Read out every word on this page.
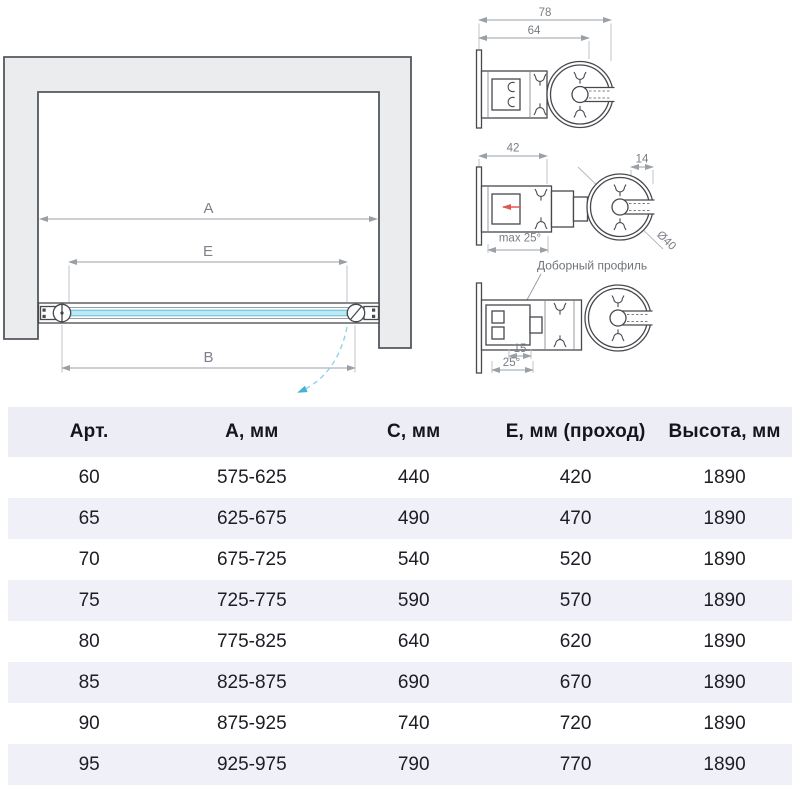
A
E
B
78
64
42
14
Ø40
max 25°
Доборный профиль
15
25°
Арт.	А, мм	С, мм	Е, мм (проход)	Высота, мм
60	575-625	440	420	1890
65	625-675	490	470	1890
70	675-725	540	520	1890
75	725-775	590	570	1890
80	775-825	640	620	1890
85	825-875	690	670	1890
90	875-925	740	720	1890
95	925-975	790	770	1890
